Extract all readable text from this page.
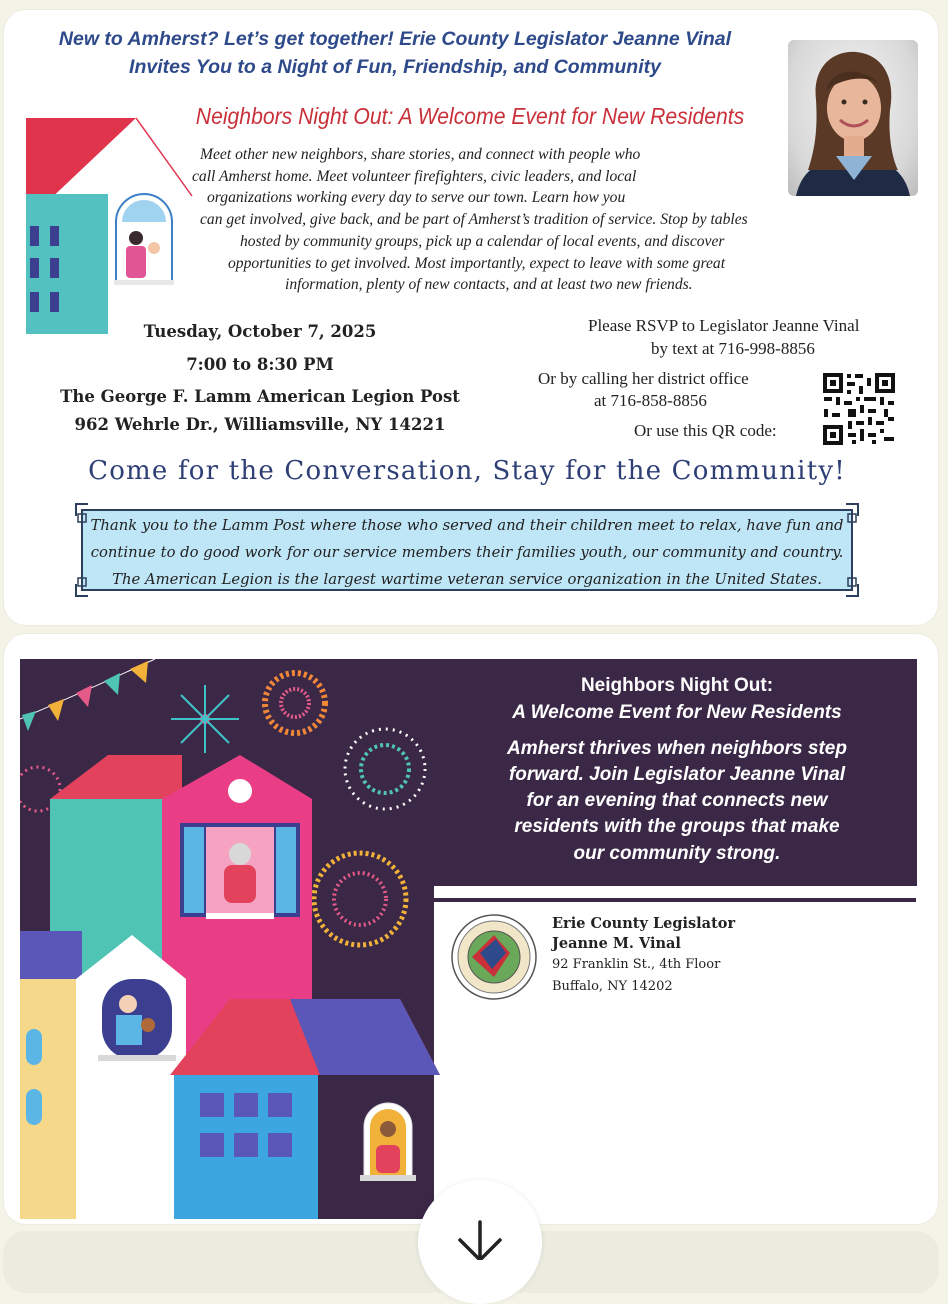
New to Amherst? Let’s get together! Erie County Legislator Jeanne Vinal
Invites You to a Night of Fun, Friendship, and Community
Neighbors Night Out: A Welcome Event for New Residents
Meet other new neighbors, share stories, and connect with people who
call Amherst home. Meet volunteer firefighters, civic leaders, and local
organizations working every day to serve our town. Learn how you
can get involved, give back, and be part of Amherst’s tradition of service. Stop by tables
hosted by community groups, pick up a calendar of local events, and discover
opportunities to get involved. Most importantly, expect to leave with some great
information, plenty of new contacts, and at least two new friends.
Tuesday, October 7, 2025
7:00 to 8:30 PM
The George F. Lamm American Legion Post
962 Wehrle Dr., Williamsville, NY 14221
Please RSVP to Legislator Jeanne Vinal
by text at 716-998-8856
Or by calling her district office
at 716-858-8856
Or use this QR code:
Come for the Conversation, Stay for the Community!
Thank you to the Lamm Post where those who served and their children meet to relax, have fun and
continue to do good work for our service members their families youth, our community and country.
The American Legion is the largest wartime veteran service organization in the United States.
Neighbors Night Out:
A Welcome Event for New Residents
Amherst thrives when neighbors step
forward. Join Legislator Jeanne Vinal
for an evening that connects new
residents with the groups that make
our community strong.
Erie County Legislator
Jeanne M. Vinal
92 Franklin St., 4th Floor
Buffalo, NY 14202
